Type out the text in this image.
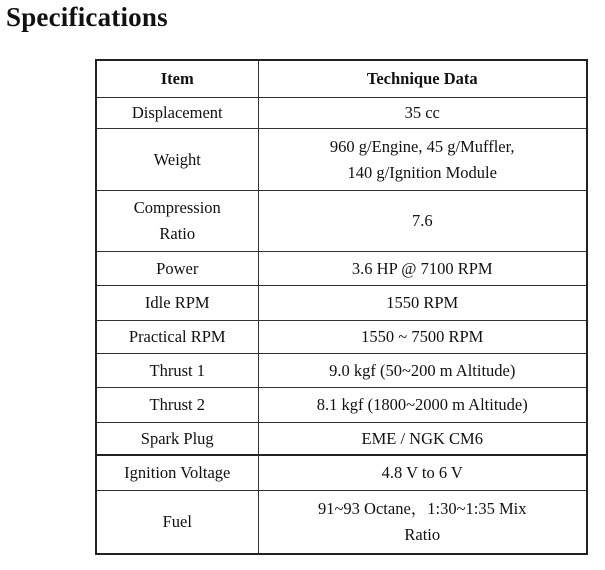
Specifications
Item	Technique Data
Displacement	35 cc
Weight	960 g/Engine, 45 g/Muffler,
140 g/Ignition Module
Compression
Ratio	7.6
Power	3.6 HP @ 7100 RPM
Idle RPM	1550 RPM
Practical RPM	1550 ~ 7500 RPM
Thrust 1	9.0 kgf (50~200 m Altitude)
Thrust 2	8.1 kgf (1800~2000 m Altitude)
Spark Plug	EME / NGK CM6
Ignition Voltage	4.8 V to 6 V
Fuel	91~93 Octane，1:30~1:35 Mix
Ratio
